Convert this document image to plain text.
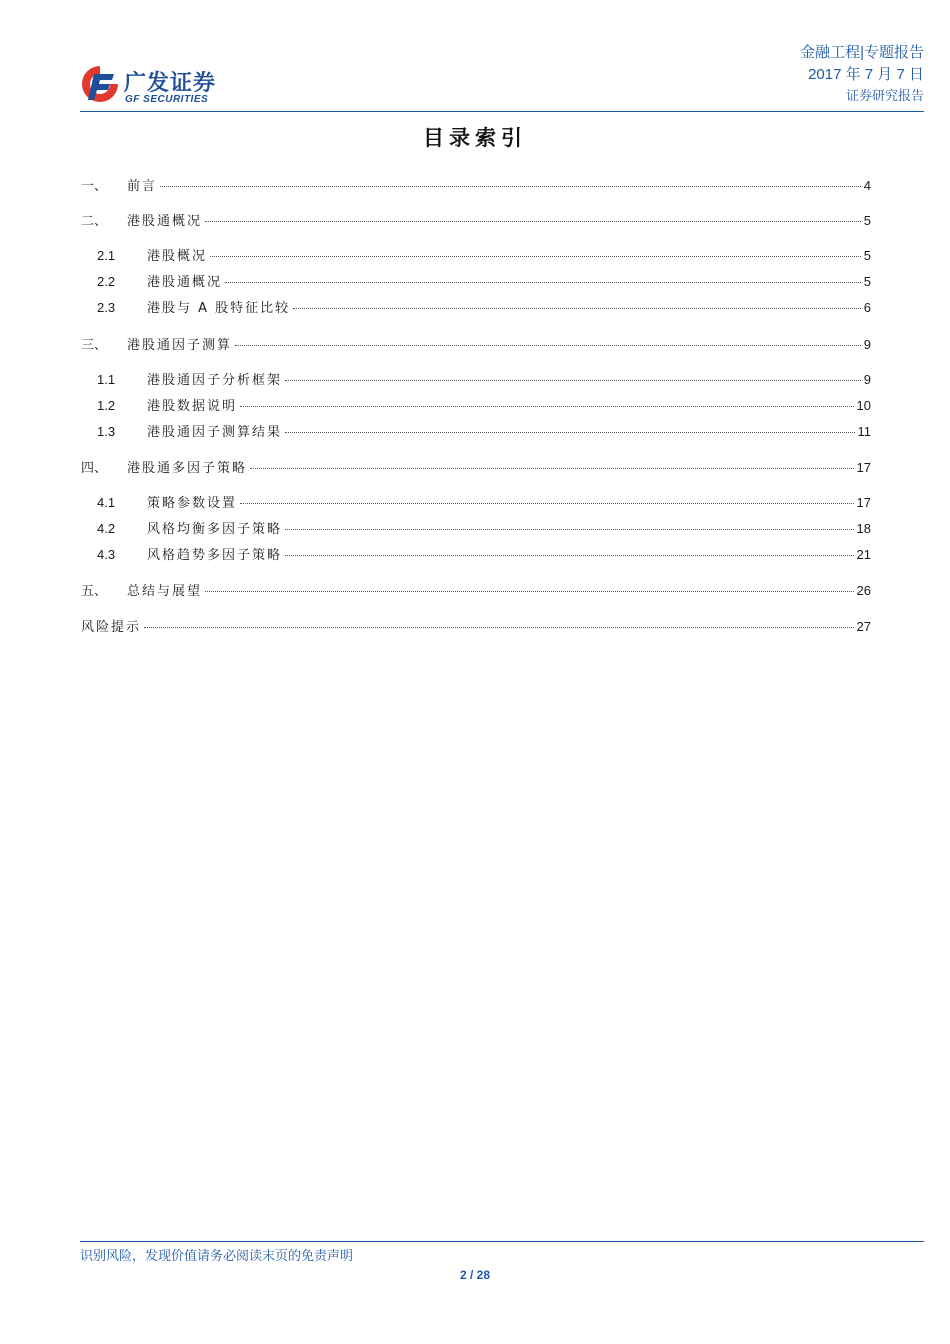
广发证券
GF SECURITIES
金融工程|专题报告
2017 年 7 月 7 日
证券研究报告
目录索引
一、	前言	4
二、	港股通概况	5
2.1	港股概况	5
2.2	港股通概况	5
2.3	港股与 A 股特征比较	6
三、	港股通因子测算	9
1.1	港股通因子分析框架	9
1.2	港股数据说明	10
1.3	港股通因子测算结果	11
四、	港股通多因子策略	17
4.1	策略参数设置	17
4.2	风格均衡多因子策略	18
4.3	风格趋势多因子策略	21
五、	总结与展望	26
风险提示	27
识别风险，发现价值请务必阅读末页的免责声明
2 / 28
